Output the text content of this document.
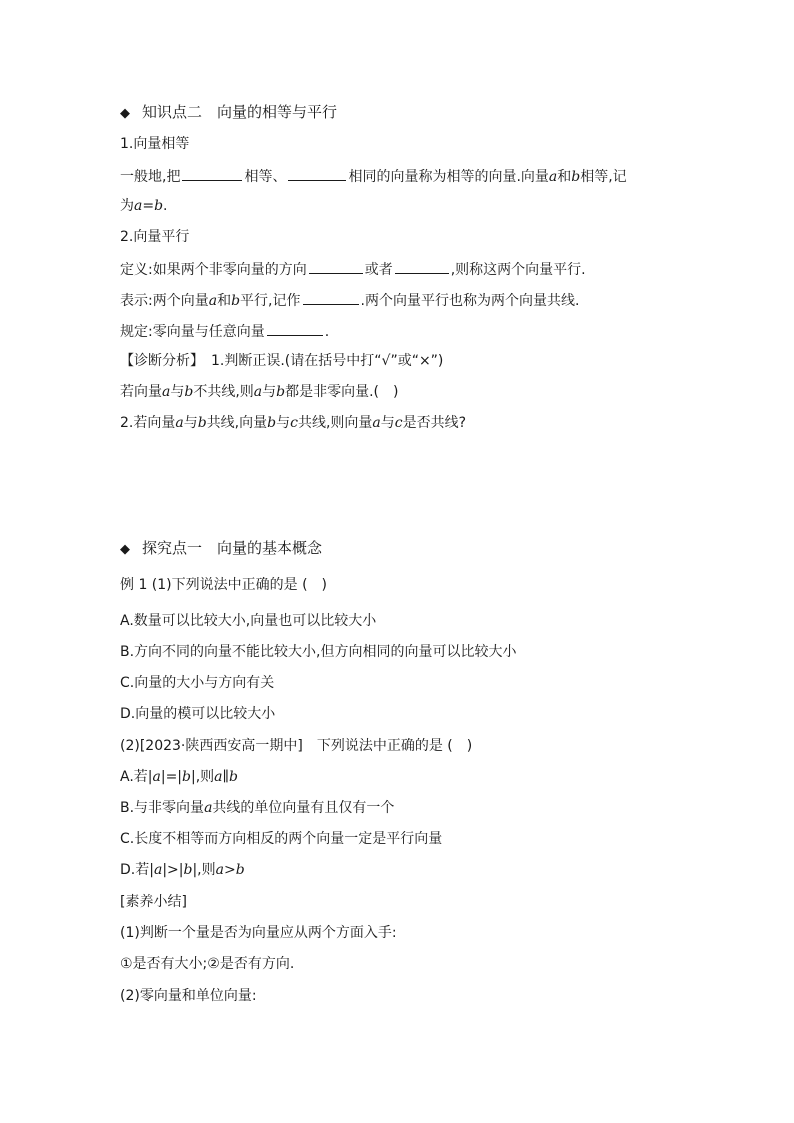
◆ 知识点二　向量的相等与平行
1.向量相等
一般地,把	相等、	相同的向量称为相等的向量.向量a和b相等,记
为a=b.
2.向量平行
定义:如果两个非零向量的方向	或者	,则称这两个向量平行.
表示:两个向量a和b平行,记作	.两个向量平行也称为两个向量共线.
规定:零向量与任意向量	.
【诊断分析】　1.判断正误.(请在括号中打“√”或“×”)
若向量a与b不共线,则a与b都是非零向量.(　)
2.若向量a与b共线,向量b与c共线,则向量a与c是否共线?
◆ 探究点一　向量的基本概念
例 1 (1)下列说法中正确的是 (　)
A.数量可以比较大小,向量也可以比较大小
B.方向不同的向量不能比较大小,但方向相同的向量可以比较大小
C.向量的大小与方向有关
D.向量的模可以比较大小
(2)[2023·陕西西安高一期中]　下列说法中正确的是 (　)
A.若|a|=|b|,则a∥b
B.与非零向量a共线的单位向量有且仅有一个
C.长度不相等而方向相反的两个向量一定是平行向量
D.若|a|>|b|,则a>b
[素养小结]
(1)判断一个量是否为向量应从两个方面入手:
①是否有大小;②是否有方向.
(2)零向量和单位向量:
